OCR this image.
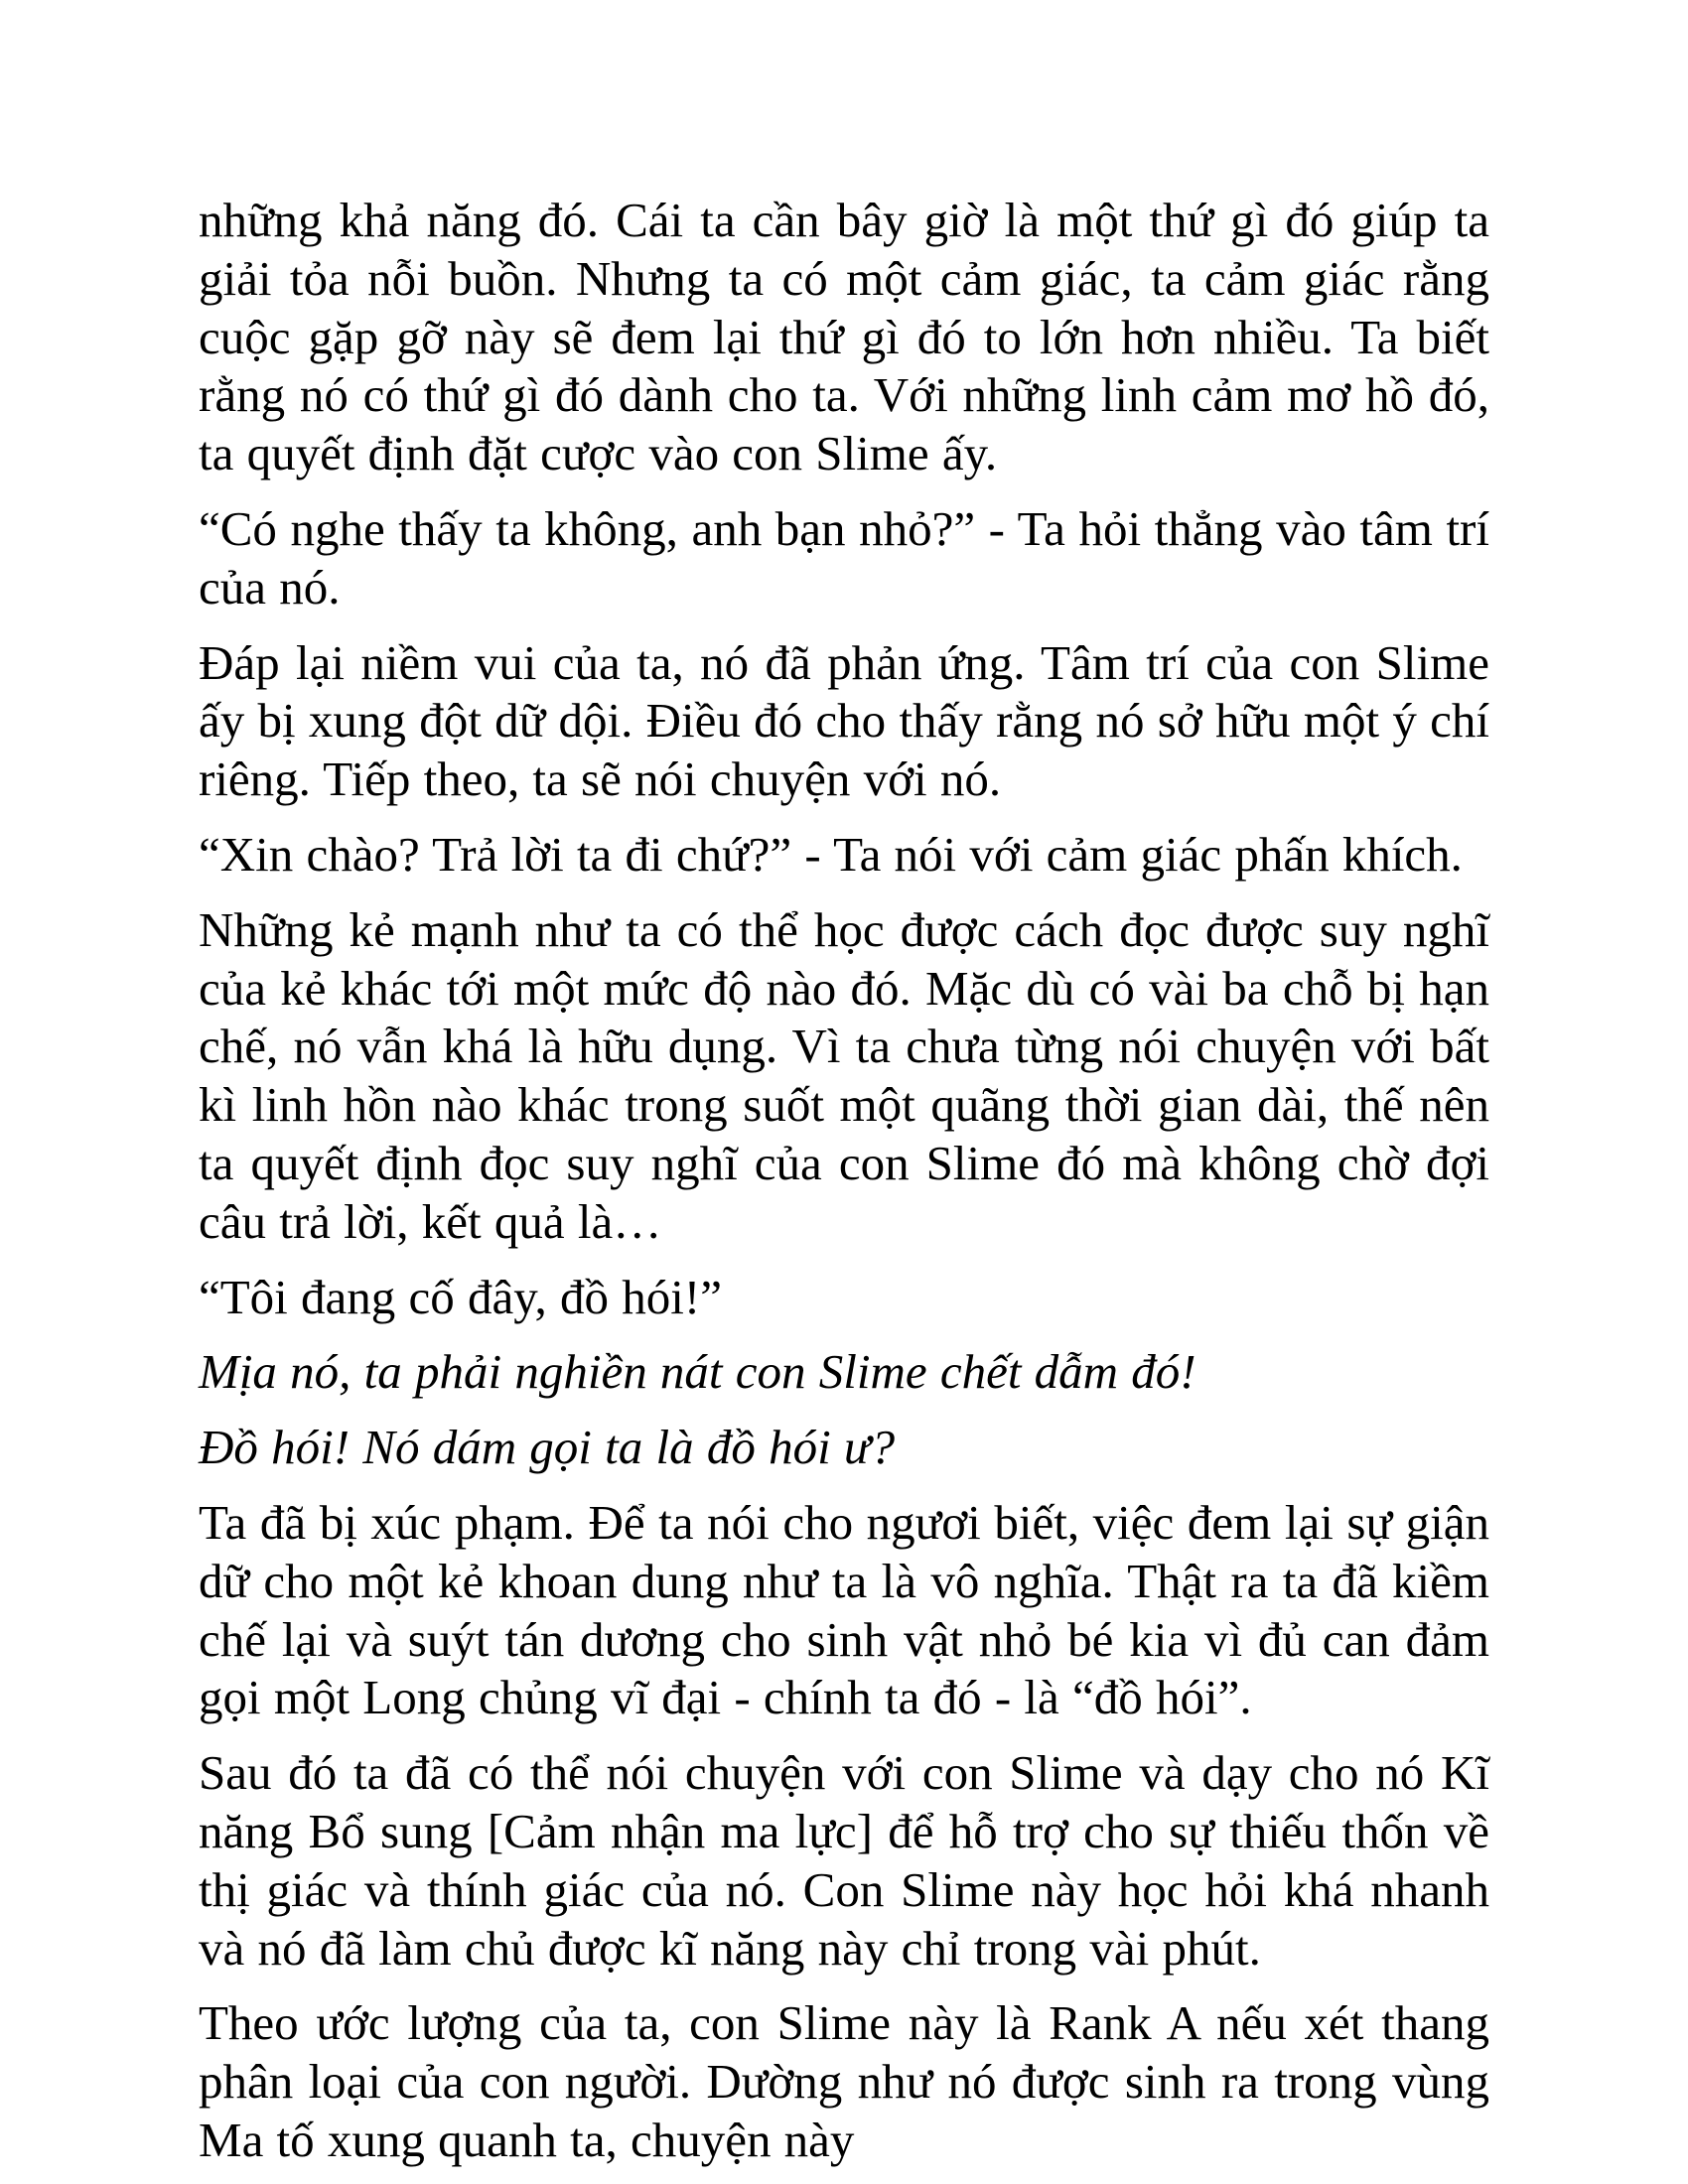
những khả năng đó. Cái ta cần bây giờ là một thứ gì đó giúp ta giải tỏa nỗi buồn. Nhưng ta có một cảm giác, ta cảm giác rằng cuộc gặp gỡ này sẽ đem lại thứ gì đó to lớn hơn nhiều. Ta biết rằng nó có thứ gì đó dành cho ta. Với những linh cảm mơ hồ đó, ta quyết định đặt cược vào con Slime ấy.

“Có nghe thấy ta không, anh bạn nhỏ?” - Ta hỏi thẳng vào tâm trí của nó.

Đáp lại niềm vui của ta, nó đã phản ứng. Tâm trí của con Slime ấy bị xung đột dữ dội. Điều đó cho thấy rằng nó sở hữu một ý chí riêng. Tiếp theo, ta sẽ nói chuyện với nó.

“Xin chào? Trả lời ta đi chứ?” - Ta nói với cảm giác phấn khích.

Những kẻ mạnh như ta có thể học được cách đọc được suy nghĩ của kẻ khác tới một mức độ nào đó. Mặc dù có vài ba chỗ bị hạn chế, nó vẫn khá là hữu dụng. Vì ta chưa từng nói chuyện với bất kì linh hồn nào khác trong suốt một quãng thời gian dài, thế nên ta quyết định đọc suy nghĩ của con Slime đó mà không chờ đợi câu trả lời, kết quả là…

“Tôi đang cố đây, đồ hói!”

Mịa nó, ta phải nghiền nát con Slime chết dẫm đó!

Đồ hói! Nó dám gọi ta là đồ hói ư?

Ta đã bị xúc phạm. Để ta nói cho ngươi biết, việc đem lại sự giận dữ cho một kẻ khoan dung như ta là vô nghĩa. Thật ra ta đã kiềm chế lại và suýt tán dương cho sinh vật nhỏ bé kia vì đủ can đảm gọi một Long chủng vĩ đại - chính ta đó - là “đồ hói”.

Sau đó ta đã có thể nói chuyện với con Slime và dạy cho nó Kĩ năng Bổ sung [Cảm nhận ma lực] để hỗ trợ cho sự thiếu thốn về thị giác và thính giác của nó. Con Slime này học hỏi khá nhanh và nó đã làm chủ được kĩ năng này chỉ trong vài phút.

Theo ước lượng của ta, con Slime này là Rank A nếu xét thang phân loại của con người. Dường như nó được sinh ra trong vùng Ma tố xung quanh ta, chuyện này
